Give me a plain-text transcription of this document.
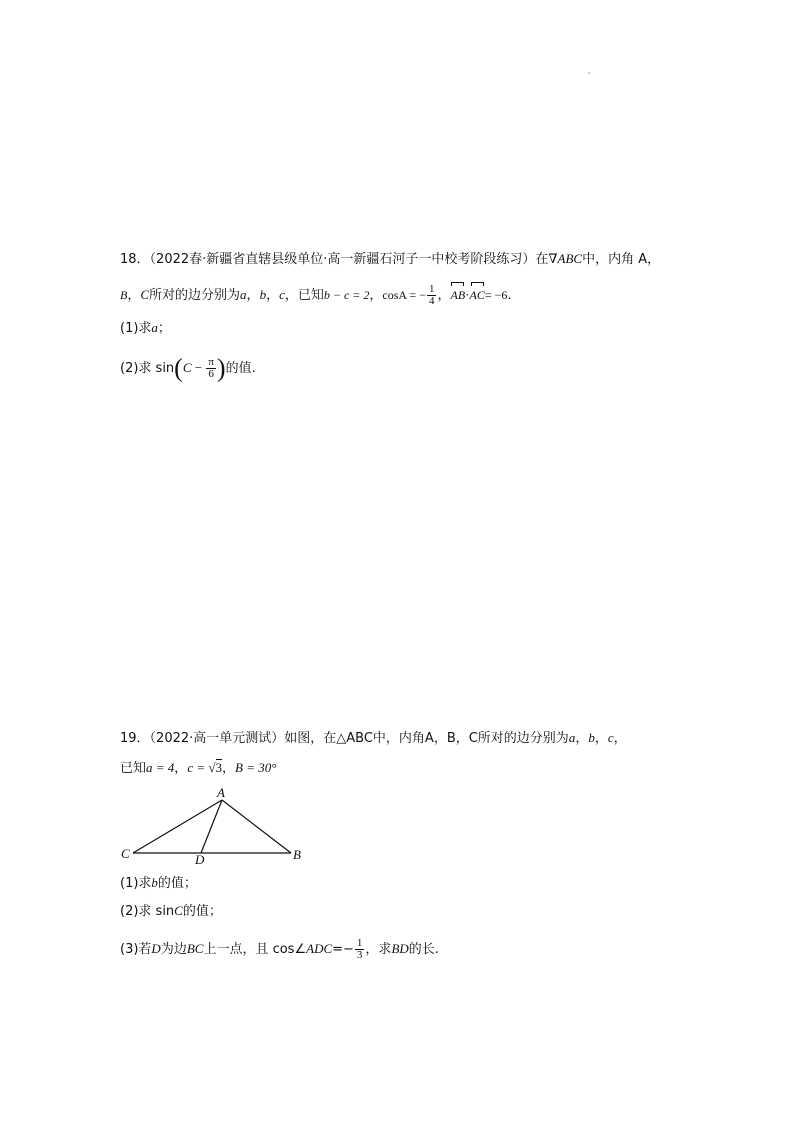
18．（2022春·新疆省直辖县级单位·高一新疆石河子一中校考阶段练习）在∇ABC中，内角 A，
B，C所对的边分别为a，b，c，已知b − c = 2，cosA = − $\frac{1}{4}$ ，AB·AC= −6.
(1)求a；
(2)求 $\sin(C - \frac{\pi}{6}$ )的值.
19．（2022·高一单元测试）如图，在△ABC中，内角A，B，C所对的边分别为a，b，c，
已知a = 4，c = √3，B = 30°
A
C	D	B
(1)求b的值；
(2)求 sinC的值；
(3)若D为边BC上一点，且 cos∠ADC=− $\frac{1}{3}$ ，求BD的长.
